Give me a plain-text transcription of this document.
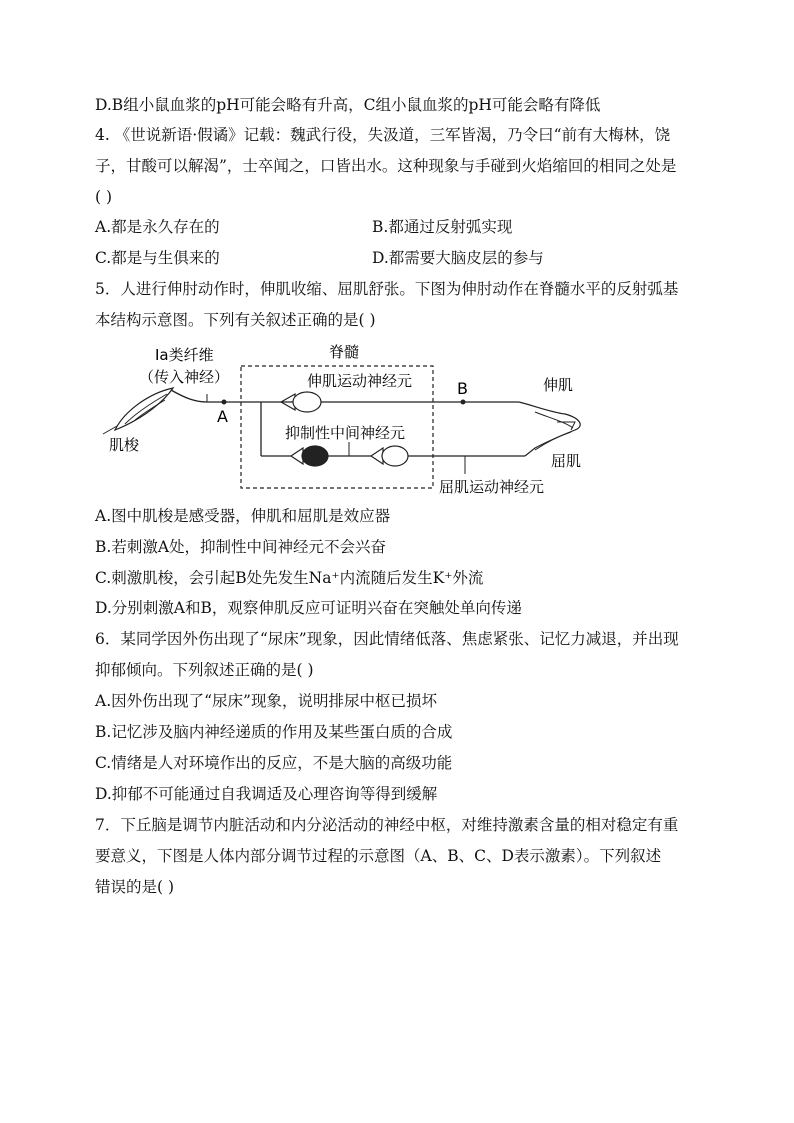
D.B组小鼠血浆的pH可能会略有升高，C组小鼠血浆的pH可能会略有降低
4. 《世说新语·假谲》记载：魏武行役，失汲道，三军皆渴，乃令曰“前有大梅林，饶
子，甘酸可以解渴”，士卒闻之，口皆出水。这种现象与手碰到火焰缩回的相同之处是
( )
A.都是永久存在的	B.都通过反射弧实现
C.都是与生俱来的	D.都需要大脑皮层的参与
5．人进行伸肘动作时，伸肌收缩、屈肌舒张。下图为伸肘动作在脊髓水平的反射弧基
本结构示意图。下列有关叙述正确的是( )
脊髓
Ia类纤维
（传入神经）
肌梭
A
伸肌运动神经元	B
抑制性中间神经元
屈肌运动神经元
伸肌
屈肌
A.图中肌梭是感受器，伸肌和屈肌是效应器
B.若刺激A处，抑制性中间神经元不会兴奋
C.刺激肌梭，会引起B处先发生Na⁺内流随后发生K⁺外流
D.分别刺激A和B，观察伸肌反应可证明兴奋在突触处单向传递
6．某同学因外伤出现了“尿床”现象，因此情绪低落、焦虑紧张、记忆力减退，并出现
抑郁倾向。下列叙述正确的是( )
A.因外伤出现了“尿床”现象，说明排尿中枢已损坏
B.记忆涉及脑内神经递质的作用及某些蛋白质的合成
C.情绪是人对环境作出的反应，不是大脑的高级功能
D.抑郁不可能通过自我调适及心理咨询等得到缓解
7．下丘脑是调节内脏活动和内分泌活动的神经中枢，对维持激素含量的相对稳定有重
要意义，下图是人体内部分调节过程的示意图（A、B、C、D表示激素）。下列叙述
错误的是( )
